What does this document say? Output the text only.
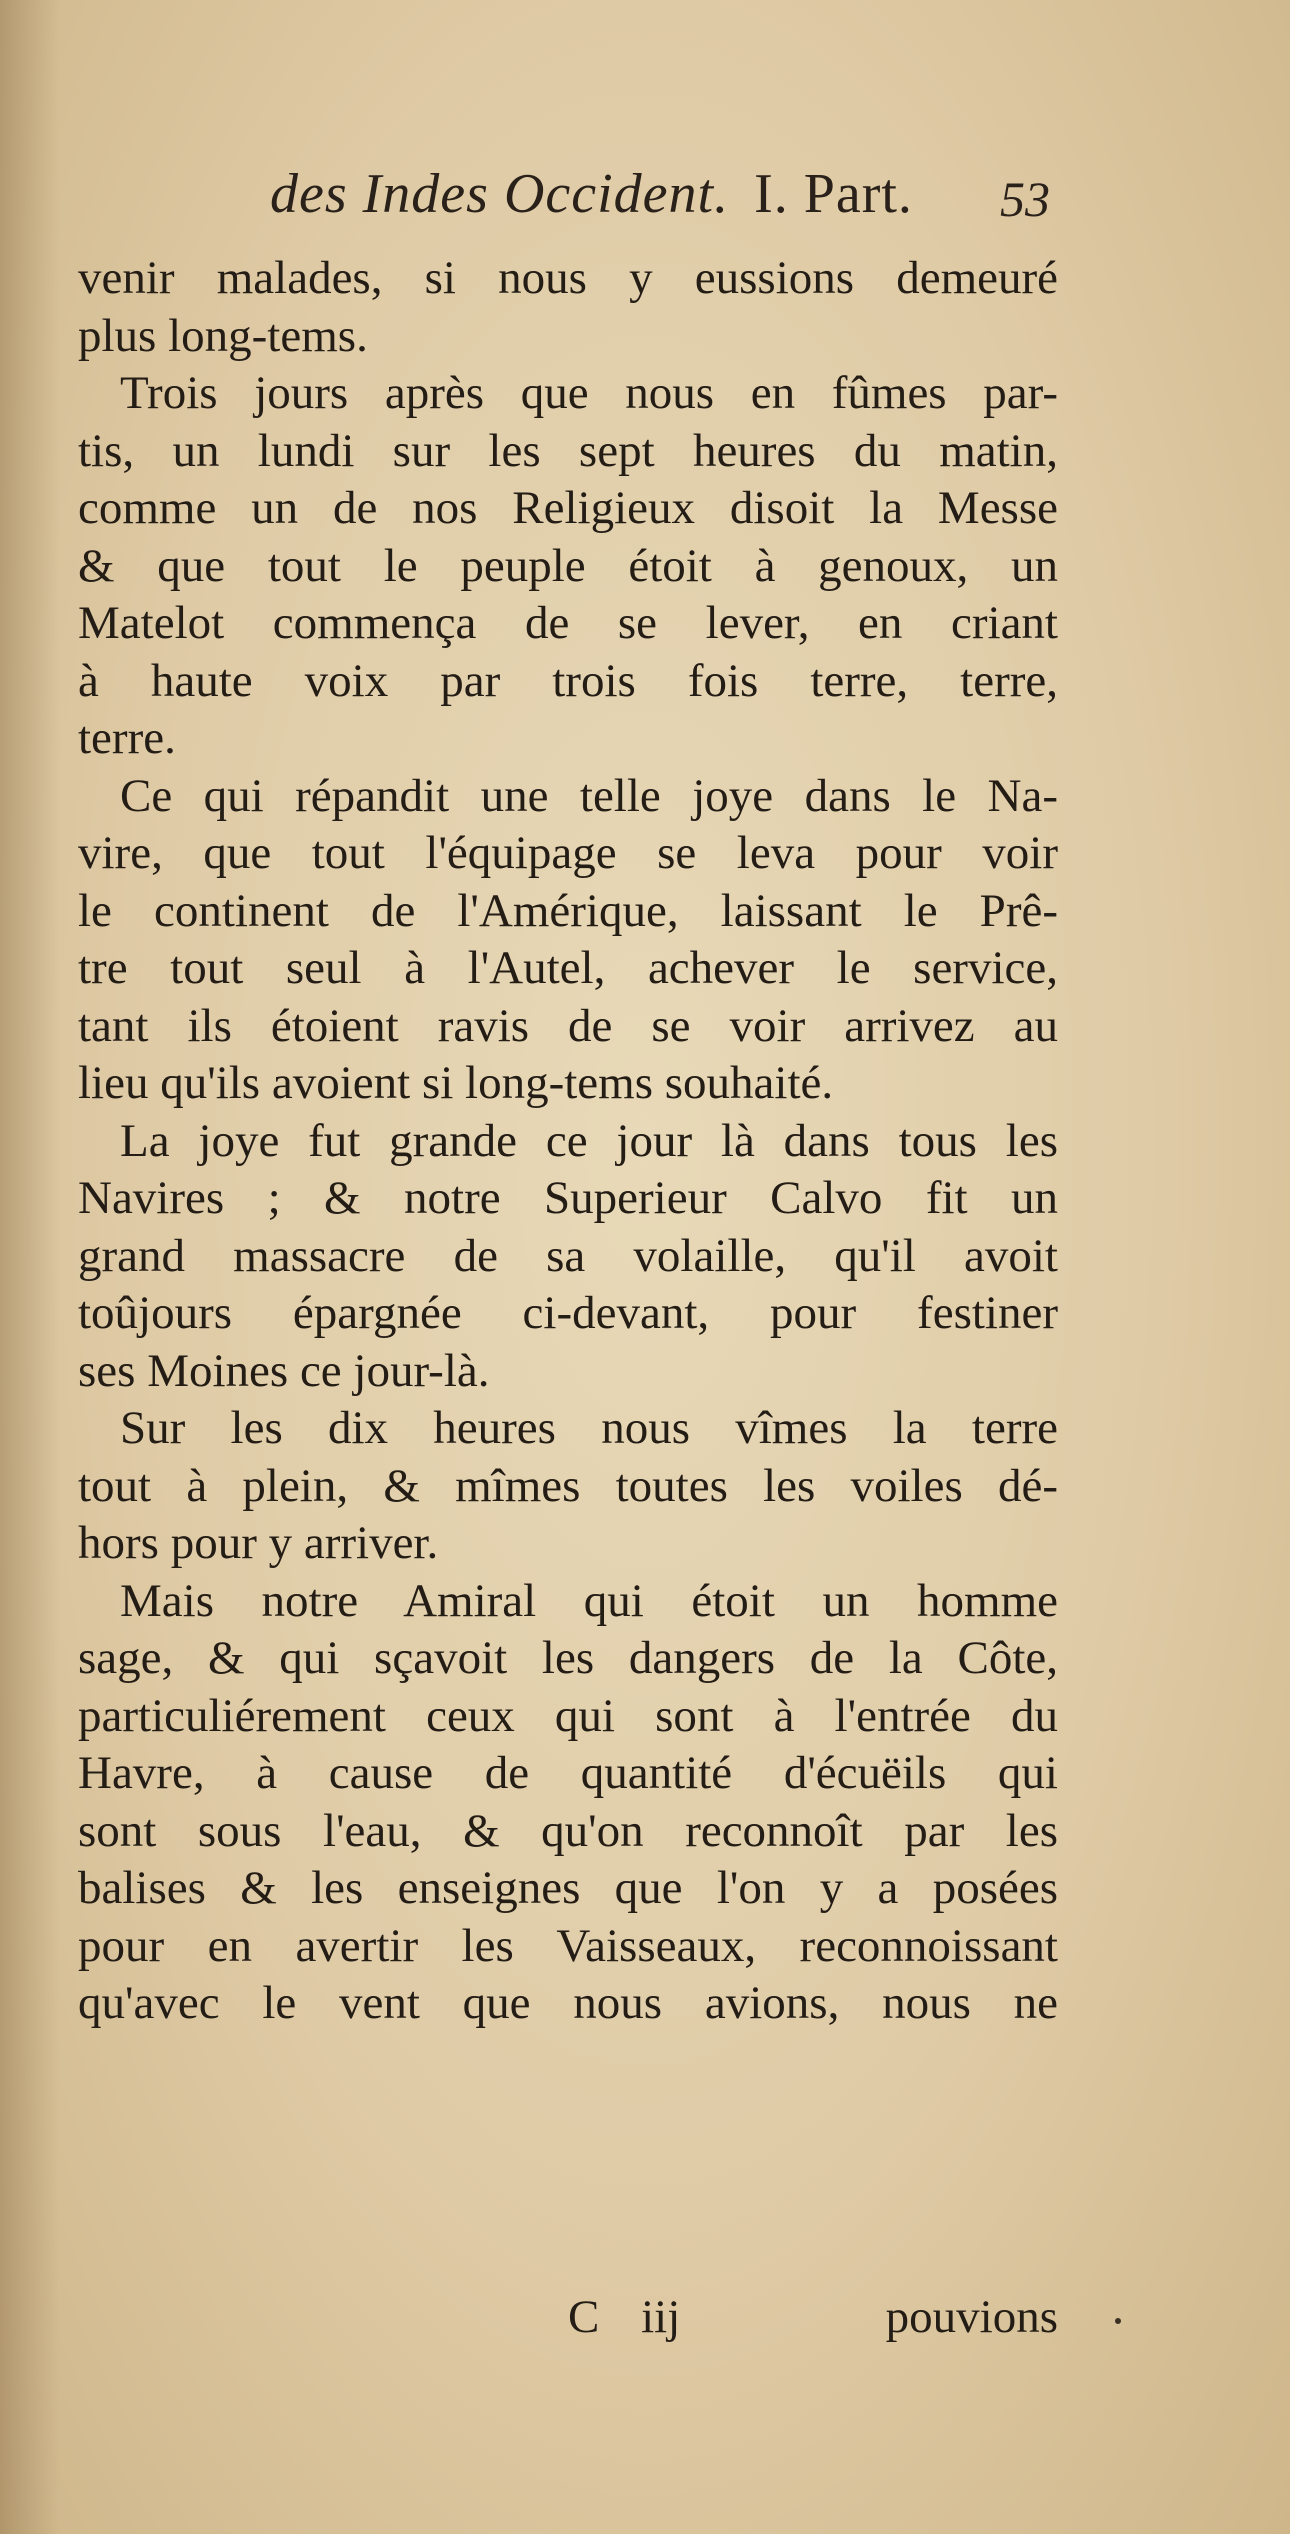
des Indes Occident. I. Part. 53
venir malades, si nous y eussions demeuré
plus long-tems.
Trois jours après que nous en fûmes par-
tis, un lundi sur les sept heures du matin,
comme un de nos Religieux disoit la Messe
& que tout le peuple étoit à genoux, un
Matelot commença de se lever, en criant
à haute voix par trois fois terre, terre,
terre.
Ce qui répandit une telle joye dans le Na-
vire, que tout l'équipage se leva pour voir
le continent de l'Amérique, laissant le Prê-
tre tout seul à l'Autel, achever le service,
tant ils étoient ravis de se voir arrivez au
lieu qu'ils avoient si long-tems souhaité.
La joye fut grande ce jour là dans tous les
Navires ; & notre Superieur Calvo fit un
grand massacre de sa volaille, qu'il avoit
toûjours épargnée ci-devant, pour festiner
ses Moines ce jour-là.
Sur les dix heures nous vîmes la terre
tout à plein, & mîmes toutes les voiles dé-
hors pour y arriver.
Mais notre Amiral qui étoit un homme
sage, & qui sçavoit les dangers de la Côte,
particuliérement ceux qui sont à l'entrée du
Havre, à cause de quantité d'écuëils qui
sont sous l'eau, & qu'on reconnoît par les
balises & les enseignes que l'on y a posées
pour en avertir les Vaisseaux, reconnoissant
qu'avec le vent que nous avions, nous ne
C iij	pouvions
